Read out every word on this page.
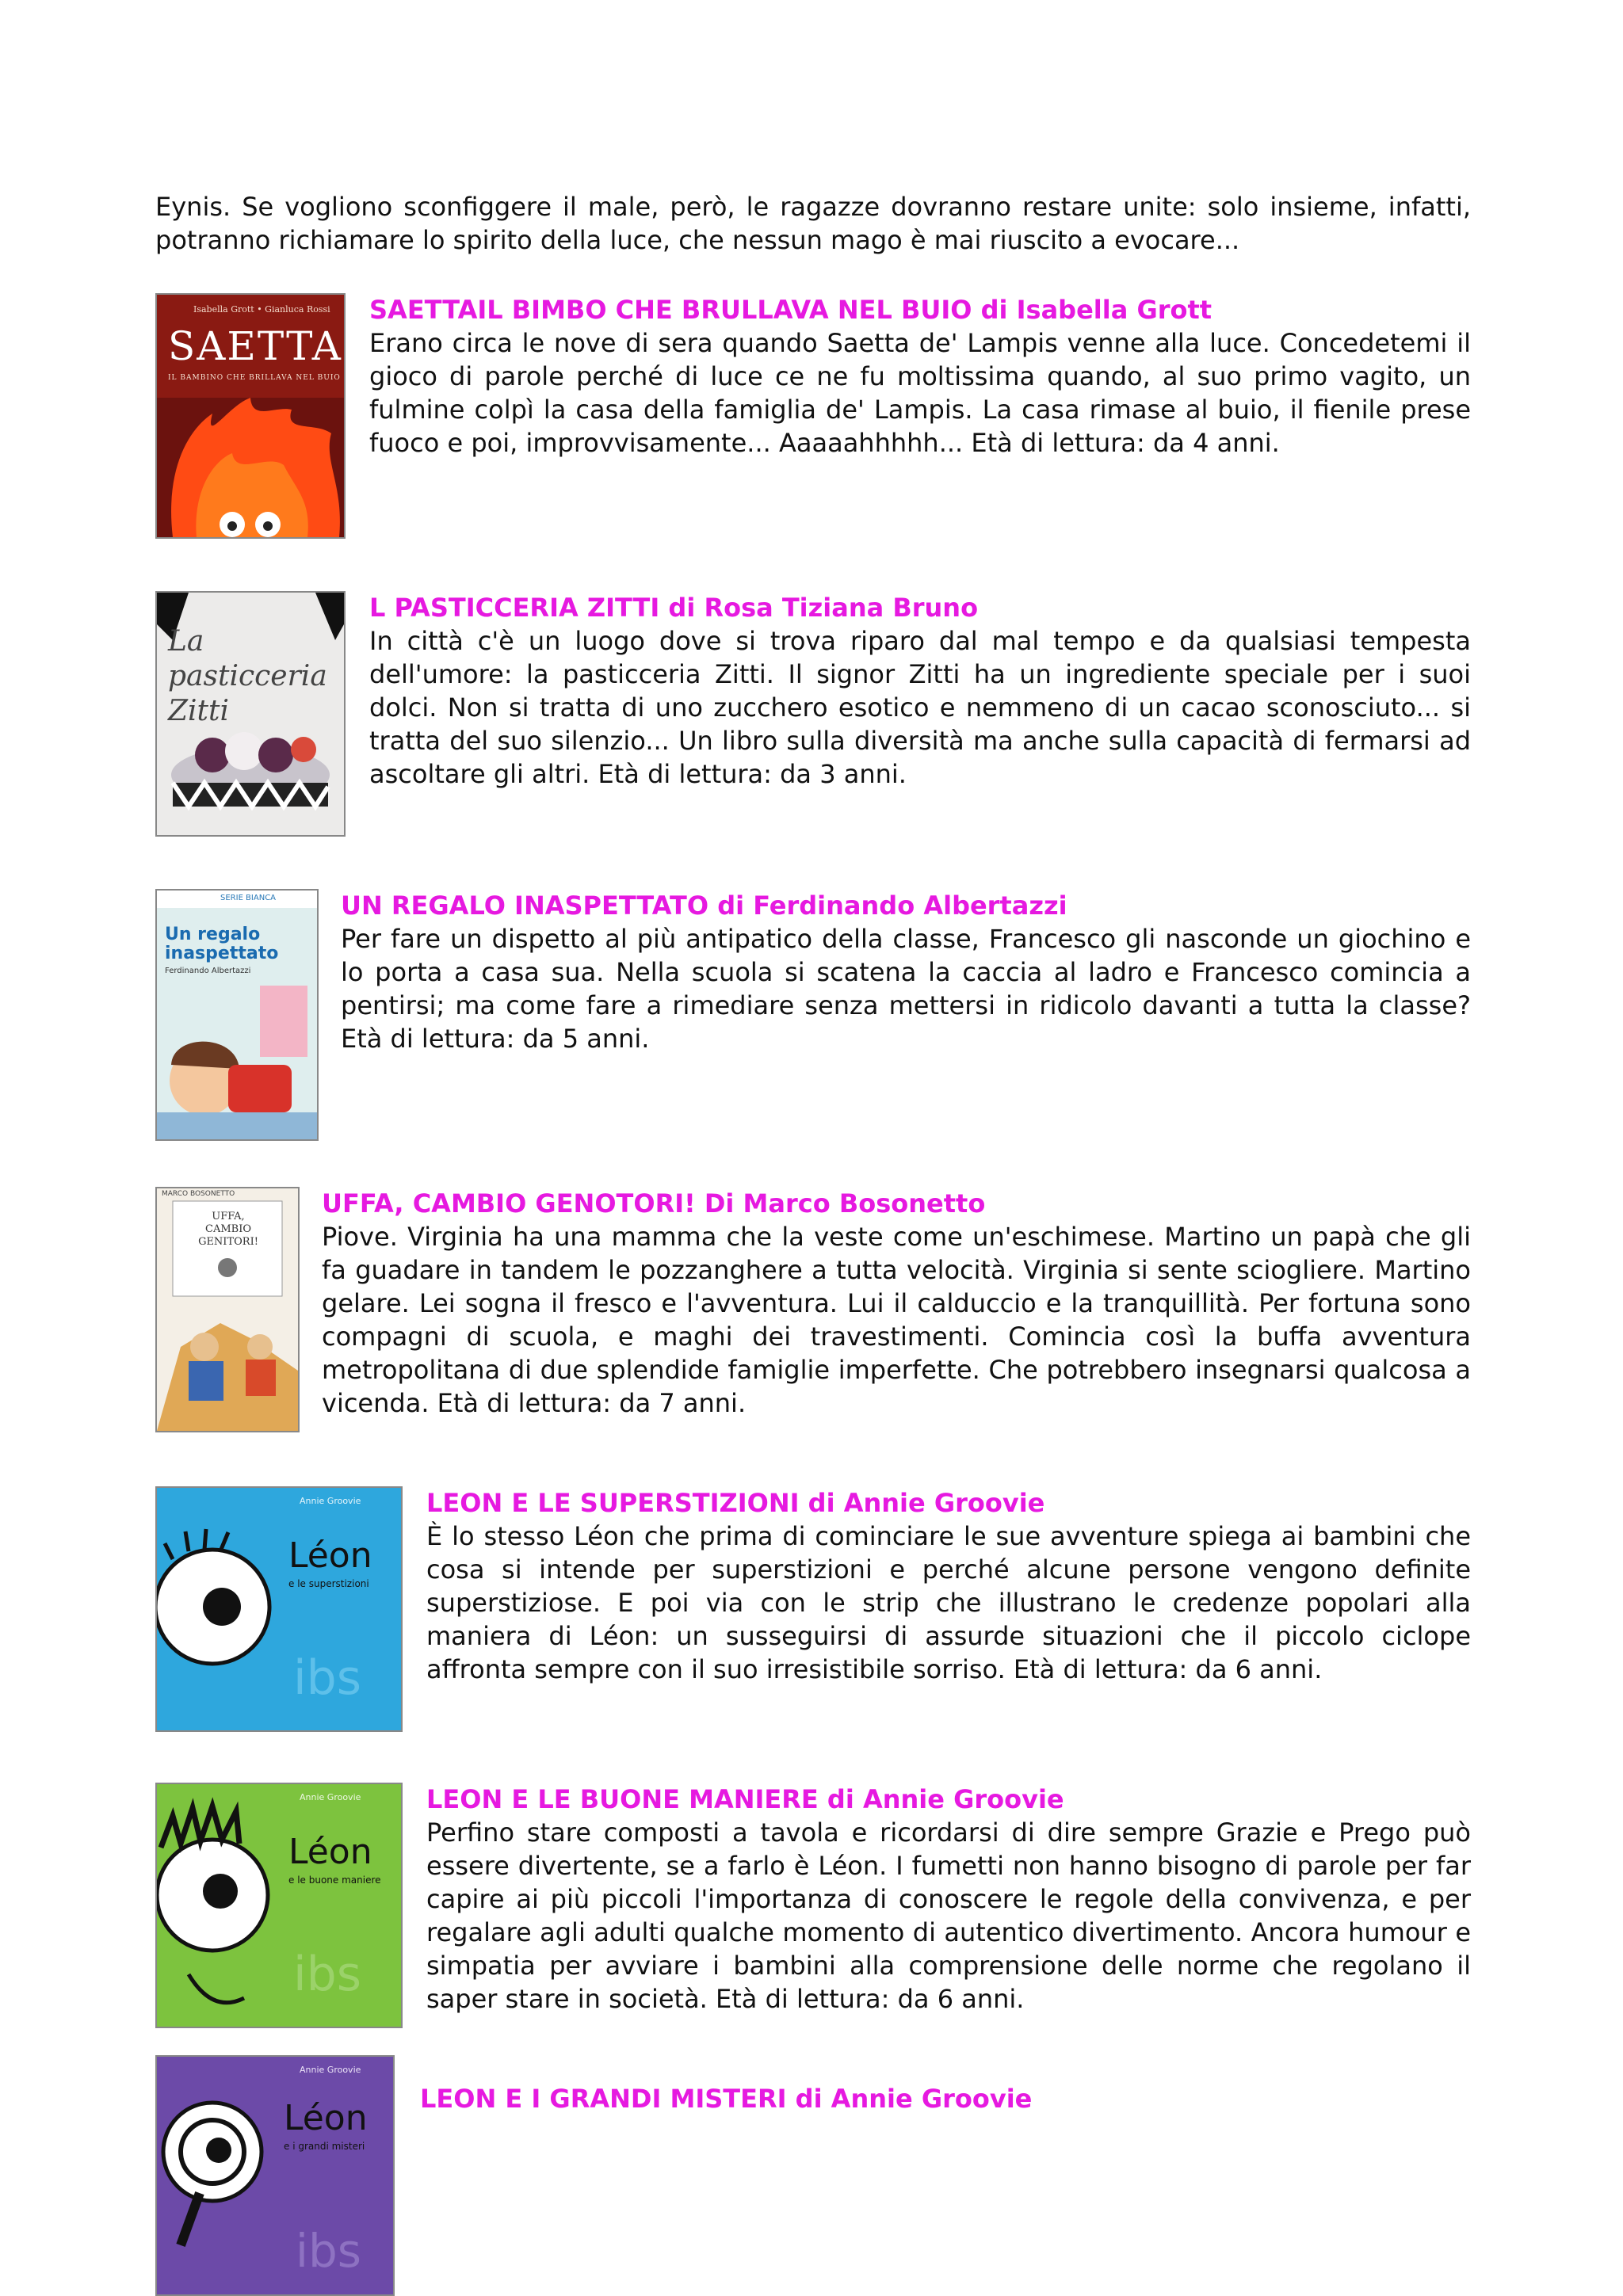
Eynis. Se vogliono sconfiggere il male, però, le ragazze dovranno restare unite: solo insieme, infatti, potranno richiamare lo spirito della luce, che nessun mago è mai riuscito a evocare...
Isabella Grott • Gianluca Rossi
SAETTA
IL BAMBINO CHE BRILLAVA NEL BUIO

SAETTAIL BIMBO CHE BRULLAVA NEL BUIO di Isabella Grott

Erano circa le nove di sera quando Saetta de' Lampis venne alla luce. Concedetemi il gioco di parole perché di luce ce ne fu moltissima quando, al suo primo vagito, un fulmine colpì la casa della famiglia de' Lampis. La casa rimase al buio, il fienile prese fuoco e poi, improvvisamente... Aaaaahhhhh... Età di lettura: da 4 anni.

La pasticceria Zitti

L PASTICCERIA ZITTI di Rosa Tiziana Bruno

In città c'è un luogo dove si trova riparo dal mal tempo e da qualsiasi tempesta dell'umore: la pasticceria Zitti. Il signor Zitti ha un ingrediente speciale per i suoi dolci. Non si tratta di uno zucchero esotico e nemmeno di un cacao sconosciuto... si tratta del suo silenzio... Un libro sulla diversità ma anche sulla capacità di fermarsi ad ascoltare gli altri. Età di lettura: da 3 anni.

SERIE BIANCA
Un regalo inaspettato
Ferdinando Albertazzi

UN REGALO INASPETTATO di Ferdinando Albertazzi

Per fare un dispetto al più antipatico della classe, Francesco gli nasconde un giochino e lo porta a casa sua. Nella scuola si scatena la caccia al ladro e Francesco comincia a pentirsi; ma come fare a rimediare senza mettersi in ridicolo davanti a tutta la classe? Età di lettura: da 5 anni.

MARCO BOSONETTO
UFFA, CAMBIO GENITORI!

UFFA, CAMBIO GENOTORI! Di Marco Bosonetto

Piove. Virginia ha una mamma che la veste come un'eschimese. Martino un papà che gli fa guadare in tandem le pozzanghere a tutta velocità. Virginia si sente sciogliere. Martino gelare. Lei sogna il fresco e l'avventura. Lui il calduccio e la tranquillità. Per fortuna sono compagni di scuola, e maghi dei travestimenti. Comincia così la buffa avventura metropolitana di due splendide famiglie imperfette. Che potrebbero insegnarsi qualcosa a vicenda. Età di lettura: da 7 anni.

ibs
Annie Groovie
Léon
e le superstizioni

LEON E LE SUPERSTIZIONI di Annie Groovie

È lo stesso Léon che prima di cominciare le sue avventure spiega ai bambini che cosa si intende per superstizioni e perché alcune persone vengono definite superstiziose. E poi via con le strip che illustrano le credenze popolari alla maniera di Léon: un susseguirsi di assurde situazioni che il piccolo ciclope affronta sempre con il suo irresistibile sorriso. Età di lettura: da 6 anni.

ibs
Annie Groovie
Léon
e le buone maniere

LEON E LE BUONE MANIERE di Annie Groovie

Perfino stare composti a tavola e ricordarsi di dire sempre Grazie e Prego può essere divertente, se a farlo è Léon. I fumetti non hanno bisogno di parole per far capire ai più piccoli l'importanza di conoscere le regole della convivenza, e per regalare agli adulti qualche momento di autentico divertimento. Ancora humour e simpatia per avviare i bambini alla comprensione delle norme che regolano il saper stare in società. Età di lettura: da 6 anni.

ibs
Annie Groovie
Léon
e i grandi misteri

LEON E I GRANDI MISTERI di Annie Groovie
